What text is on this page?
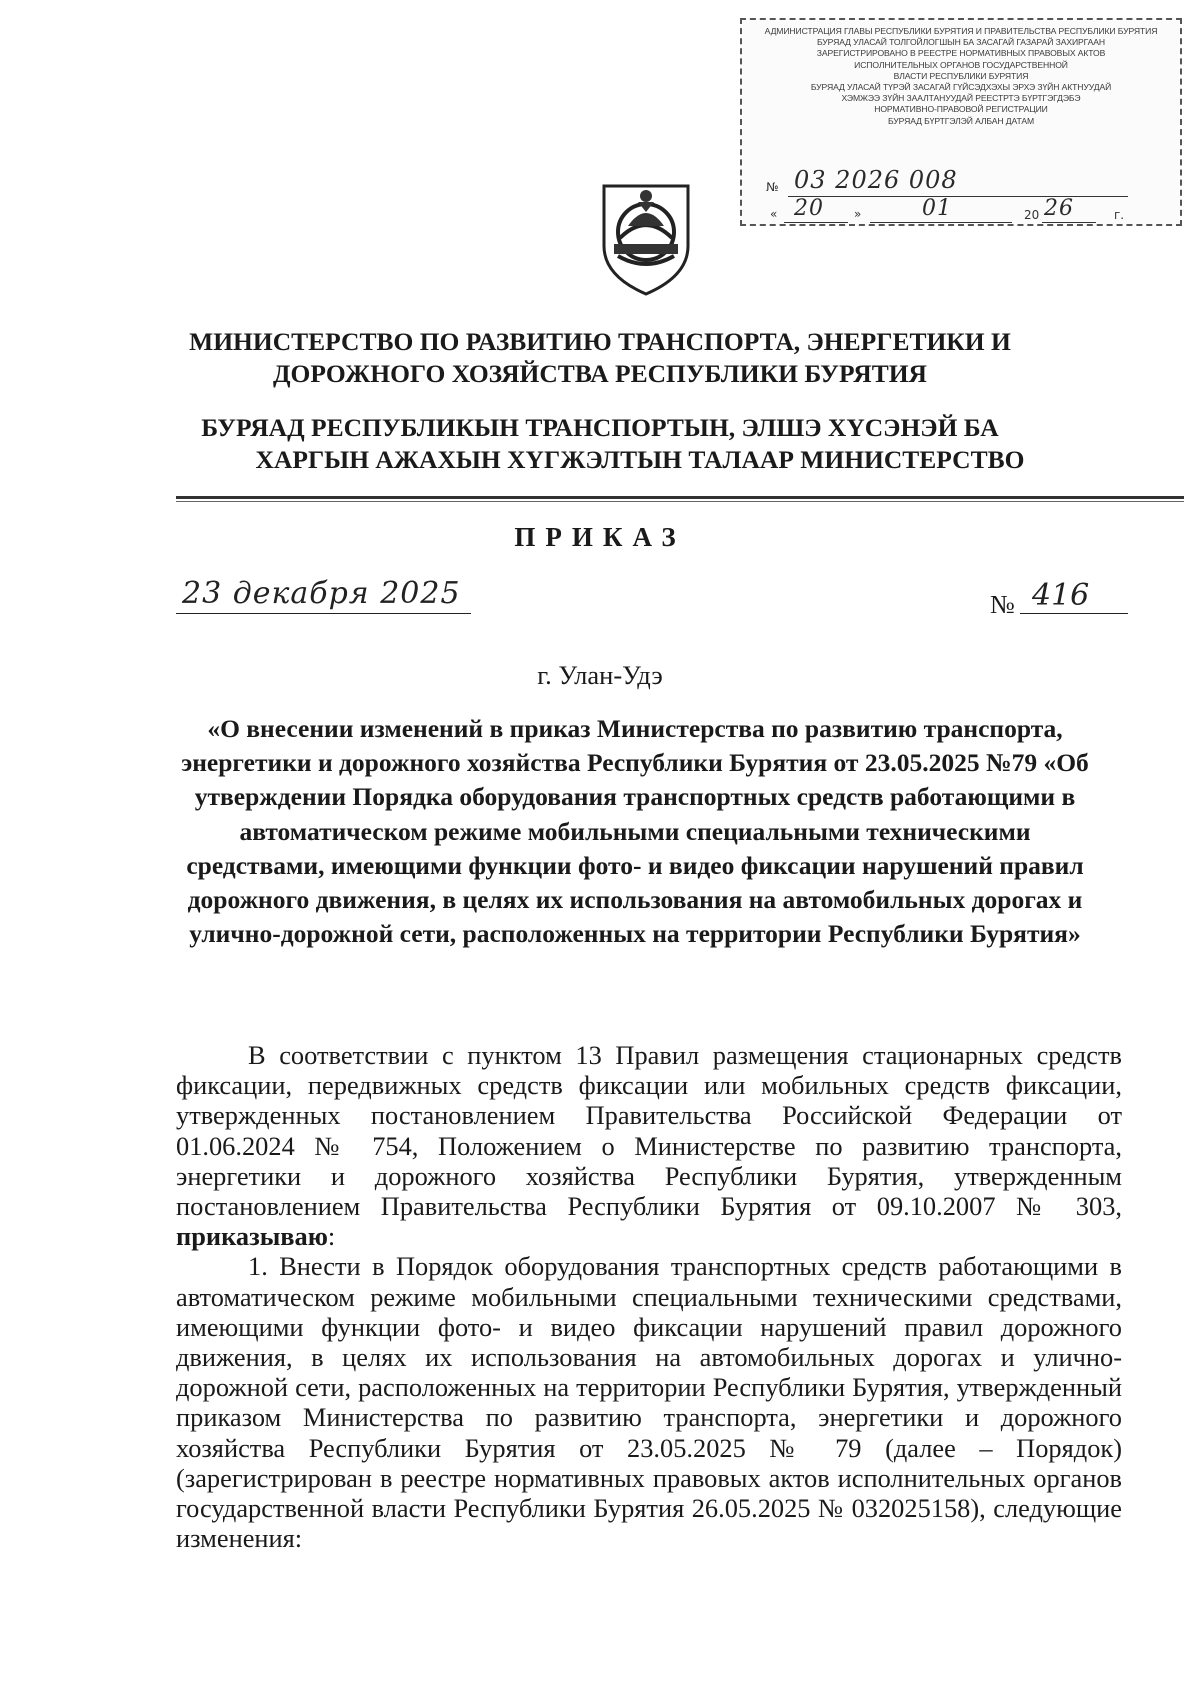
АДМИНИСТРАЦИЯ ГЛАВЫ РЕСПУБЛИКИ БУРЯТИЯ И ПРАВИТЕЛЬСТВА РЕСПУБЛИКИ БУРЯТИЯ
БУРЯАД УЛАСАЙ ТОЛГОЙЛОГШЫН БА ЗАСАГАЙ ГАЗАРАЙ ЗАХИРГААН
ЗАРЕГИСТРИРОВАНО В РЕЕСТРЕ НОРМАТИВНЫХ ПРАВОВЫХ АКТОВ
ИСПОЛНИТЕЛЬНЫХ ОРГАНОВ ГОСУДАРСТВЕННОЙ
ВЛАСТИ РЕСПУБЛИКИ БУРЯТИЯ
БУРЯАД УЛАСАЙ ТҮРЭЙ ЗАСАГАЙ ГҮЙСЭДХЭХЫ ЭРХЭ ЗҮЙН АКТНУУДАЙ
ХЭМЖЭЭ ЗҮЙН ЗААЛТАНУУДАЙ РЕЕСТРТЭ БҮРТГЭГДЭБЭ
НОРМАТИВНО-ПРАВОВОЙ РЕГИСТРАЦИИ
БУРЯАД БҮРТГЭЛЭЙ АЛБАН ДАТАМ
№ 03 2026 008
« 20	»	01	20 26	г.
МИНИСТЕРСТВО ПО РАЗВИТИЮ ТРАНСПОРТА, ЭНЕРГЕТИКИ И
ДОРОЖНОГО ХОЗЯЙСТВА РЕСПУБЛИКИ БУРЯТИЯ
БУРЯАД РЕСПУБЛИКЫН ТРАНСПОРТЫН, ЭЛШЭ ХҮСЭНЭЙ БА
ХАРГЫН АЖАХЫН ХҮГЖЭЛТЫН ТАЛААР МИНИСТЕРСТВО
ПРИКАЗ
23 декабря 2025	№ 416
г. Улан-Удэ
«О внесении изменений в приказ Министерства по развитию транспорта, энергетики и дорожного хозяйства Республики Бурятия от 23.05.2025 №79 «Об утверждении Порядка оборудования транспортных средств работающими в автоматическом режиме мобильными специальными техническими средствами, имеющими функции фото- и видео фиксации нарушений правил дорожного движения, в целях их использования на автомобильных дорогах и улично-дорожной сети, расположенных на территории Республики Бурятия»

В соответствии с пунктом 13 Правил размещения стационарных средств фиксации, передвижных средств фиксации или мобильных средств фиксации, утвержденных постановлением Правительства Российской Федерации от 01.06.2024 № 754, Положением о Министерстве по развитию транспорта, энергетики и дорожного хозяйства Республики Бурятия, утвержденным постановлением Правительства Республики Бурятия от 09.10.2007 № 303, приказываю:

1. Внести в Порядок оборудования транспортных средств работающими в автоматическом режиме мобильными специальными техническими средствами, имеющими функции фото- и видео фиксации нарушений правил дорожного движения, в целях их использования на автомобильных дорогах и улично-дорожной сети, расположенных на территории Республики Бурятия, утвержденный приказом Министерства по развитию транспорта, энергетики и дорожного хозяйства Республики Бурятия от 23.05.2025 № 79 (далее – Порядок) (зарегистрирован в реестре нормативных правовых актов исполнительных органов государственной власти Республики Бурятия 26.05.2025 № 032025158), следующие изменения:
